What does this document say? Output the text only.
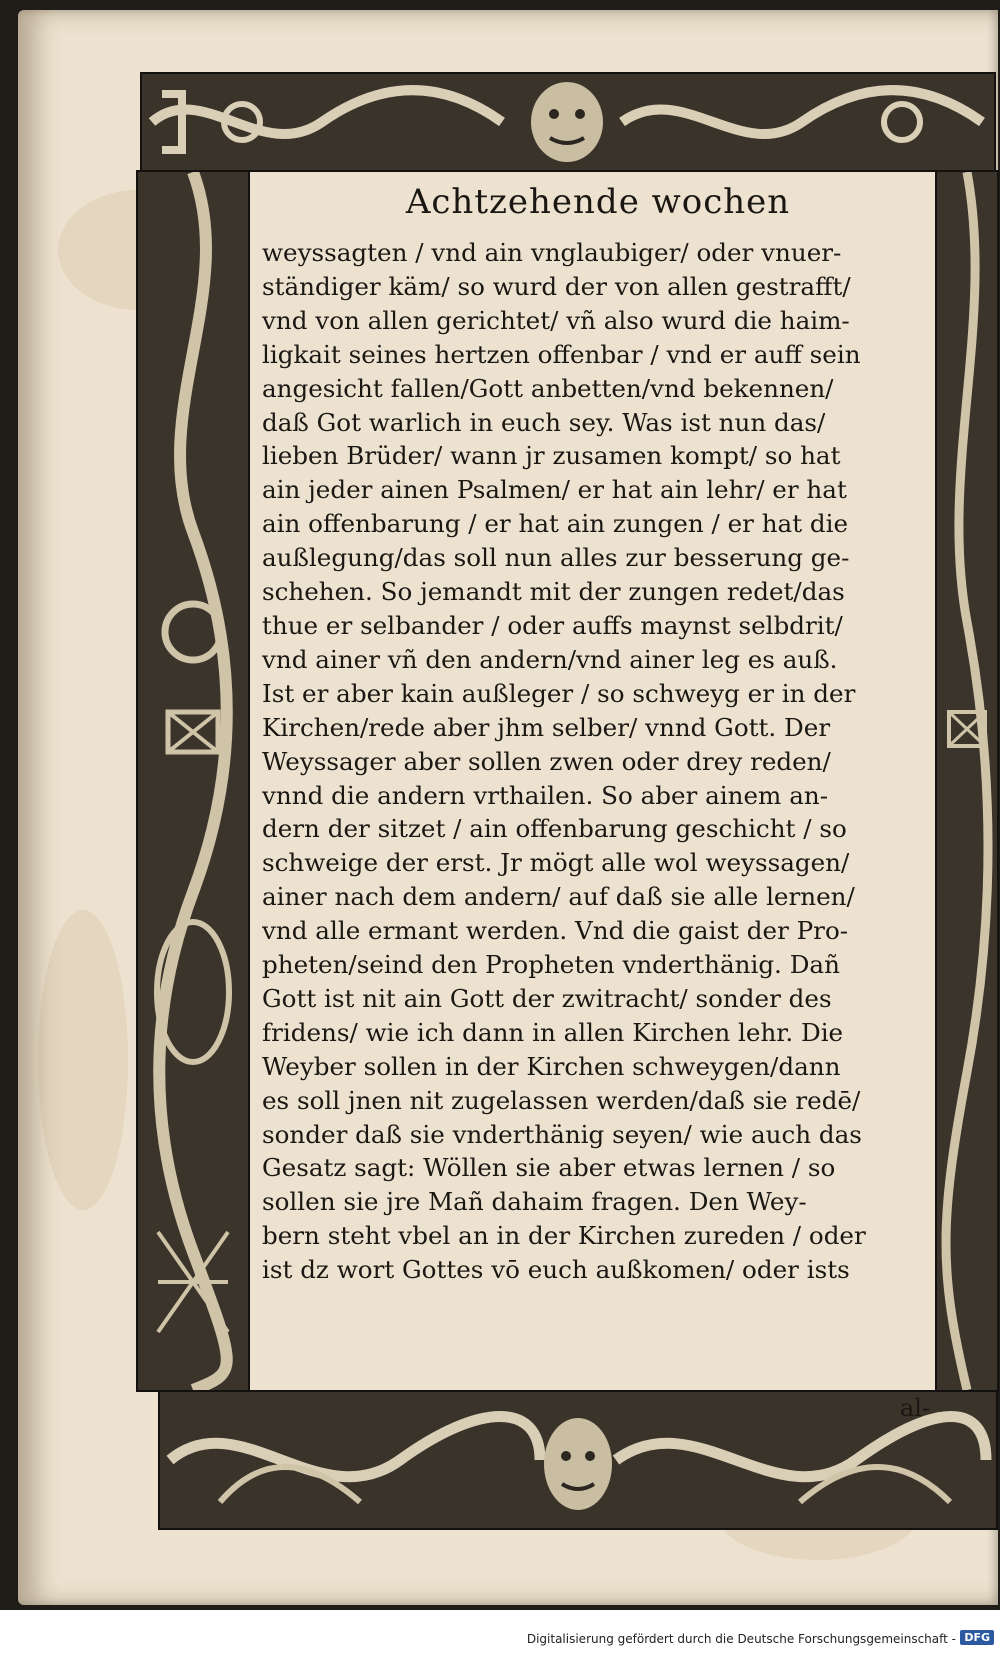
Achtzehende wochen
weyssagten / vnd ain vnglaubiger/ oder vnuer-
ständiger käm/ so wurd der von allen gestrafft/
vnd von allen gerichtet/ vñ also wurd die haim-
ligkait seines hertzen offenbar / vnd er auff sein
angesicht fallen/Gott anbetten/vnd bekennen/
daß Got warlich in euch sey. Was ist nun das/
lieben Brüder/ wann jr zusamen kompt/ so hat
ain jeder ainen Psalmen/ er hat ain lehr/ er hat
ain offenbarung / er hat ain zungen / er hat die
außlegung/das soll nun alles zur besserung ge-
schehen. So jemandt mit der zungen redet/das
thue er selbander / oder auffs maynst selbdrit/
vnd ainer vñ den andern/vnd ainer leg es auß.
Ist er aber kain außleger / so schweyg er in der
Kirchen/rede aber jhm selber/ vnnd Gott. Der
Weyssager aber sollen zwen oder drey reden/
vnnd die andern vrthailen. So aber ainem an-
dern der sitzet / ain offenbarung geschicht / so
schweige der erst. Jr mögt alle wol weyssagen/
ainer nach dem andern/ auf daß sie alle lernen/
vnd alle ermant werden. Vnd die gaist der Pro-
pheten/seind den Propheten vnderthänig. Dañ
Gott ist nit ain Gott der zwitracht/ sonder des
fridens/ wie ich dann in allen Kirchen lehr. Die
Weyber sollen in der Kirchen schweygen/dann
es soll jnen nit zugelassen werden/daß sie redē/
sonder daß sie vnderthänig seyen/ wie auch das
Gesatz sagt: Wöllen sie aber etwas lernen / so
sollen sie jre Mañ dahaim fragen. Den Wey-
bern steht vbel an in der Kirchen zureden / oder
ist dz wort Gottes vō euch außkomen/ oder ists
al-
Digitalisierung gefördert durch die Deutsche Forschungsgemeinschaft - DFG
